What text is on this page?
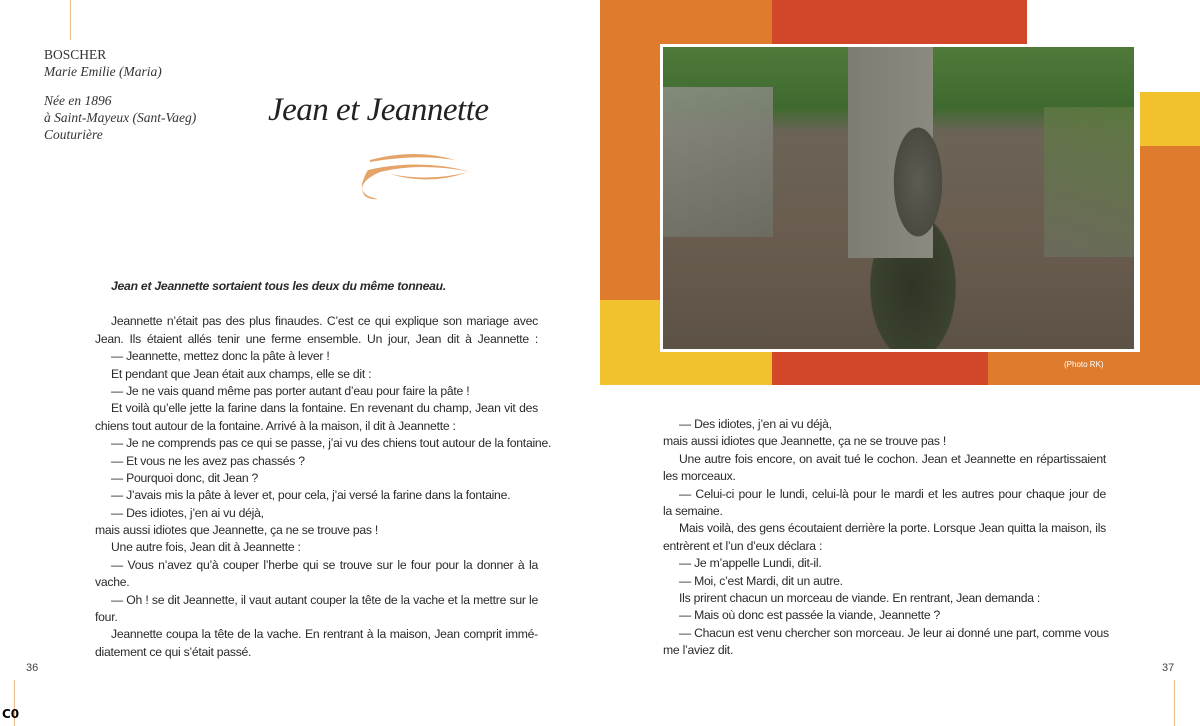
BOSCHER
Marie Emilie (Maria)
Née en 1896
à Saint-Mayeux (Sant-Vaeg)
Couturière
Jean et Jeannette
Jean et Jeannette sortaient tous les deux du même tonneau.
Jeannette n’était pas des plus finaudes. C’est ce qui explique son mariage avec
Jean. Ils étaient allés tenir une ferme ensemble. Un jour, Jean dit à Jeannette :
— Jeannette, mettez donc la pâte à lever !
Et pendant que Jean était aux champs, elle se dit :
— Je ne vais quand même pas porter autant d’eau pour faire la pâte !
Et voilà qu’elle jette la farine dans la fontaine. En revenant du champ, Jean vit des
chiens tout autour de la fontaine. Arrivé à la maison, il dit à Jeannette :
— Je ne comprends pas ce qui se passe, j’ai vu des chiens tout autour de la fontaine.
— Et vous ne les avez pas chassés ?
— Pourquoi donc, dit Jean ?
— J’avais mis la pâte à lever et, pour cela, j’ai versé la farine dans la fontaine.
— Des idiotes, j’en ai vu déjà,
mais aussi idiotes que Jeannette, ça ne se trouve pas !
Une autre fois, Jean dit à Jeannette :
— Vous n’avez qu’à couper l’herbe qui se trouve sur le four pour la donner à la
vache.
— Oh ! se dit Jeannette, il vaut autant couper la tête de la vache et la mettre sur le
four.
Jeannette coupa la tête de la vache. En rentrant à la maison, Jean comprit immé-
diatement ce qui s’était passé.
36
(Photo RK)
— Des idiotes, j’en ai vu déjà,
mais aussi idiotes que Jeannette, ça ne se trouve pas !
Une autre fois encore, on avait tué le cochon. Jean et Jeannette en répartissaient
les morceaux.
— Celui-ci pour le lundi, celui-là pour le mardi et les autres pour chaque jour de
la semaine.
Mais voilà, des gens écoutaient derrière la porte. Lorsque Jean quitta la maison, ils
entrèrent et l’un d’eux déclara :
— Je m’appelle Lundi, dit-il.
— Moi, c’est Mardi, dit un autre.
Ils prirent chacun un morceau de viande. En rentrant, Jean demanda :
— Mais où donc est passée la viande, Jeannette ?
— Chacun est venu chercher son morceau. Je leur ai donné une part, comme vous
me l’aviez dit.
37
C0
